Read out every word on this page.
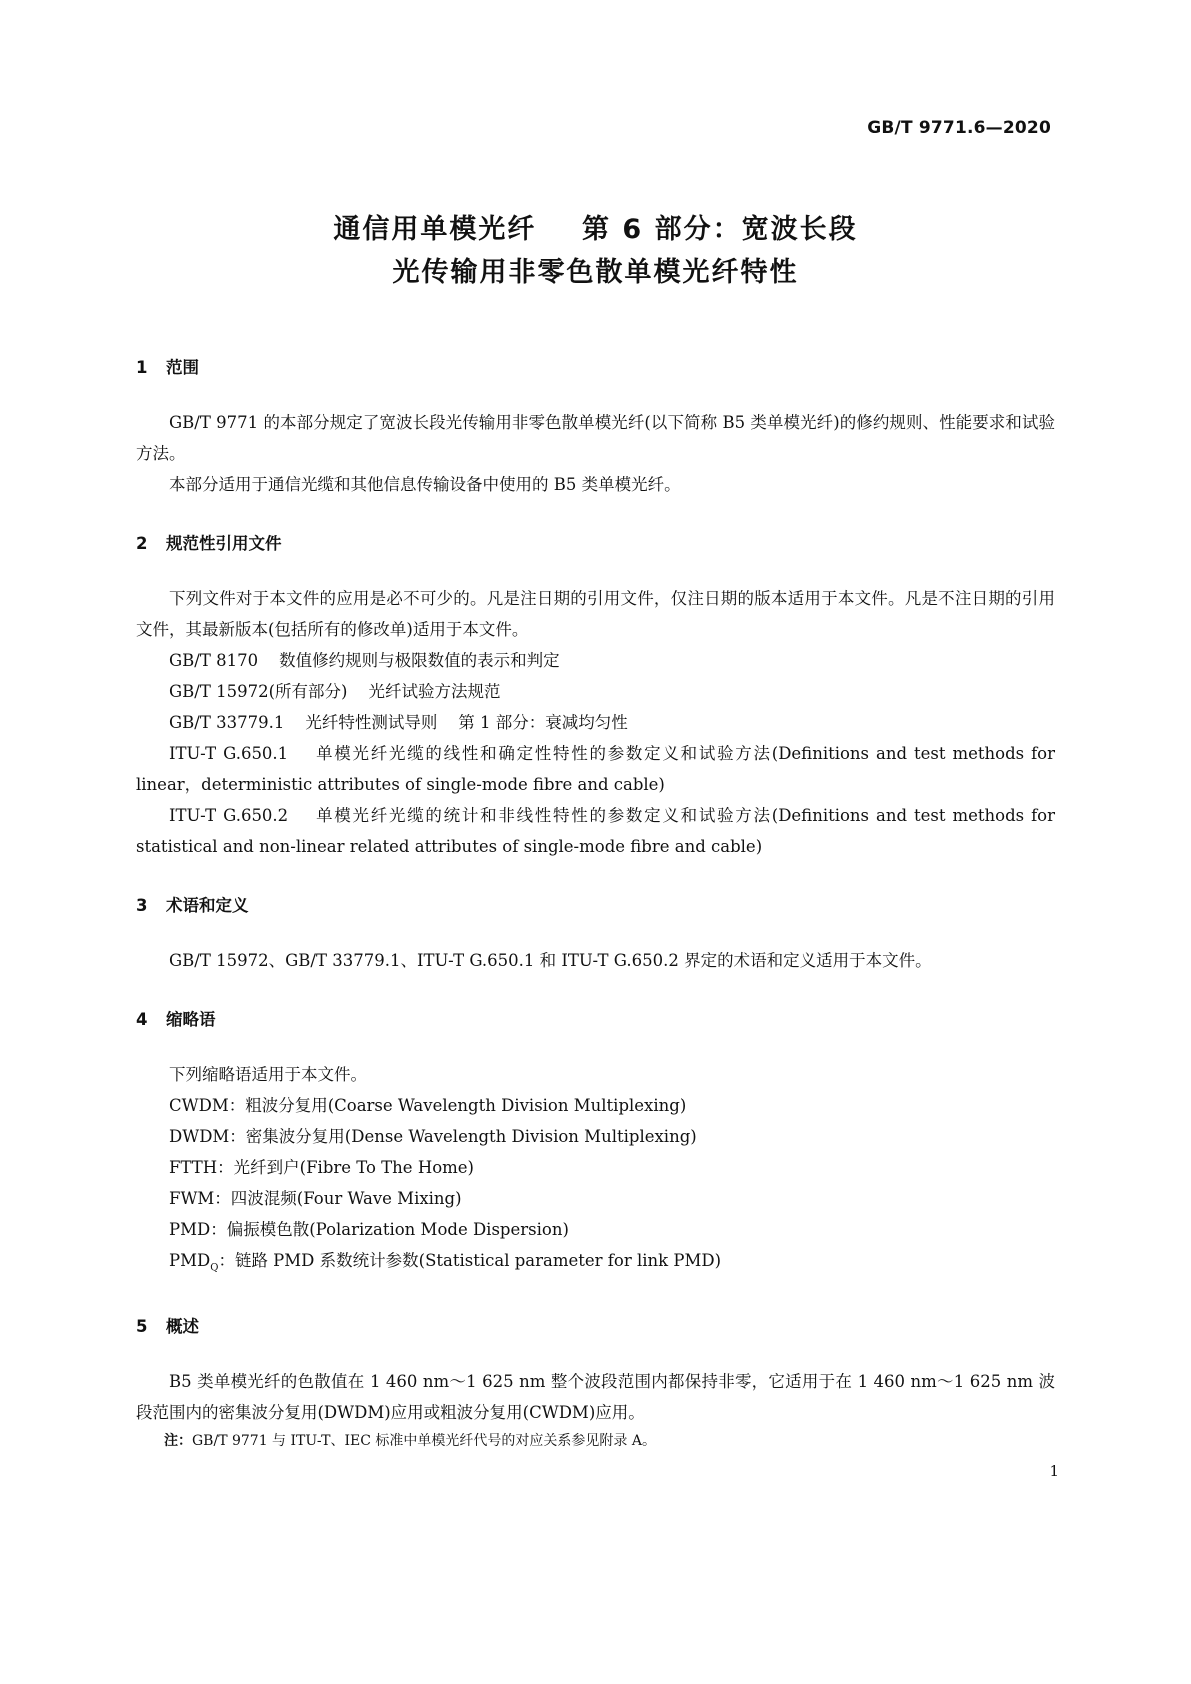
GB/T 9771.6—2020
通信用单模光纤    第 6 部分：宽波长段
光传输用非零色散单模光纤特性
1 范围
GB/T 9771 的本部分规定了宽波长段光传输用非零色散单模光纤(以下简称 B5 类单模光纤)的修约规则、性能要求和试验方法。
本部分适用于通信光缆和其他信息传输设备中使用的 B5 类单模光纤。
2 规范性引用文件
下列文件对于本文件的应用是必不可少的。凡是注日期的引用文件，仅注日期的版本适用于本文件。凡是不注日期的引用文件，其最新版本(包括所有的修改单)适用于本文件。
GB/T 8170    数值修约规则与极限数值的表示和判定
GB/T 15972(所有部分)    光纤试验方法规范
GB/T 33779.1    光纤特性测试导则    第 1 部分：衰减均匀性
ITU-T G.650.1    单模光纤光缆的线性和确定性特性的参数定义和试验方法(Definitions and test methods for linear，deterministic attributes of single-mode fibre and cable)
ITU-T G.650.2    单模光纤光缆的统计和非线性特性的参数定义和试验方法(Definitions and test methods for statistical and non-linear related attributes of single-mode fibre and cable)
3 术语和定义
GB/T 15972、GB/T 33779.1、ITU-T G.650.1 和 ITU-T G.650.2 界定的术语和定义适用于本文件。
4 缩略语
下列缩略语适用于本文件。
CWDM：粗波分复用(Coarse Wavelength Division Multiplexing)
DWDM：密集波分复用(Dense Wavelength Division Multiplexing)
FTTH：光纤到户(Fibre To The Home)
FWM：四波混频(Four Wave Mixing)
PMD：偏振模色散(Polarization Mode Dispersion)
$PMD_Q$：链路 PMD 系数统计参数(Statistical parameter for link PMD)
5 概述
B5 类单模光纤的色散值在 1 460 nm～1 625 nm 整个波段范围内都保持非零，它适用于在 1 460 nm～1 625 nm 波段范围内的密集波分复用(DWDM)应用或粗波分复用(CWDM)应用。
注：GB/T 9771 与 ITU-T、IEC 标准中单模光纤代号的对应关系参见附录 A。
1
